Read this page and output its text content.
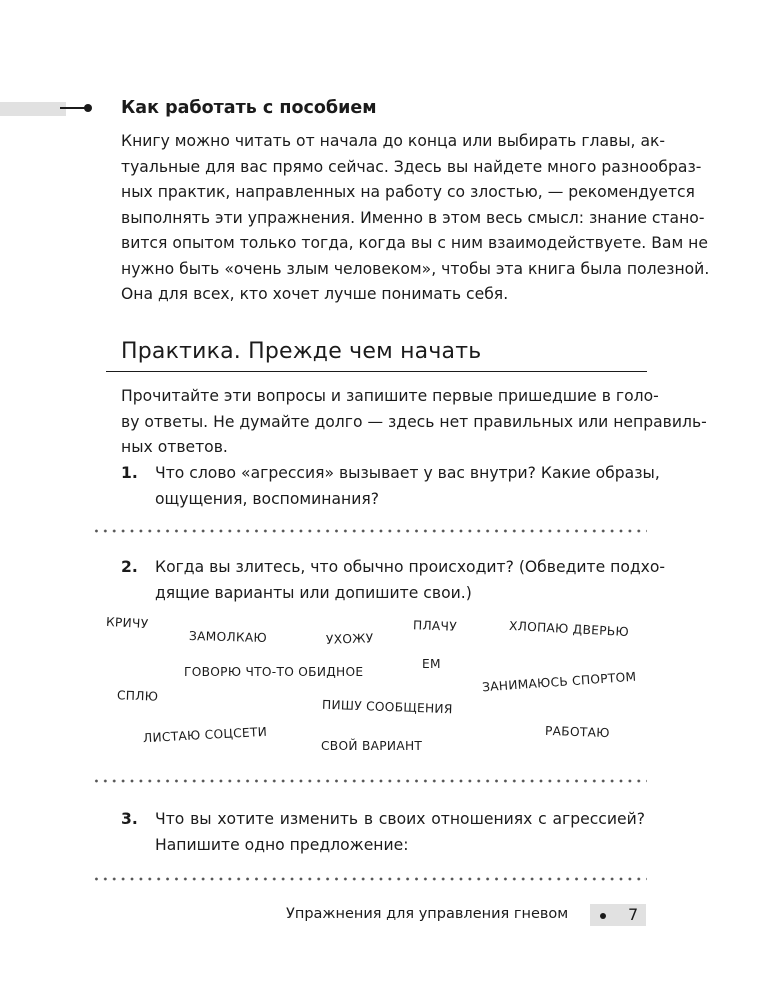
Как работать с пособием
Книгу можно читать от начала до конца или выбирать главы, ак-
туальные для вас прямо сейчас. Здесь вы найдете много разнообраз-
ных практик, направленных на работу со злостью, — рекомендуется
выполнять эти упражнения. Именно в этом весь смысл: знание стано-
вится опытом только тогда, когда вы с ним взаимодействуете. Вам не
нужно быть «очень злым человеком», чтобы эта книга была полезной.
Она для всех, кто хочет лучше понимать себя.
Практика. Прежде чем начать
Прочитайте эти вопросы и запишите первые пришедшие в голо-
ву ответы. Не думайте долго — здесь нет правильных или неправиль-
ных ответов.
1. Что слово «агрессия» вызывает у вас внутри? Какие образы,
ощущения, воспоминания?
2. Когда вы злитесь, что обычно происходит? (Обведите подхо-
дящие варианты или допишите свои.)
КРИЧУ
ЗАМОЛКАЮ	УХОЖУ
ПЛАЧУ	ХЛОПАЮ ДВЕРЬЮ
ГОВОРЮ ЧТО-ТО ОБИДНОЕ
ЕМ
ЗАНИМАЮСЬ СПОРТОМ
СПЛЮ
ПИШУ СООБЩЕНИЯ
ЛИСТАЮ СОЦСЕТИ	РАБОТАЮ
СВОЙ ВАРИАНТ
3. Что вы хотите изменить в своих отношениях с агрессией?
Напишите одно предложение:
Упражнения для управления гневом	7
